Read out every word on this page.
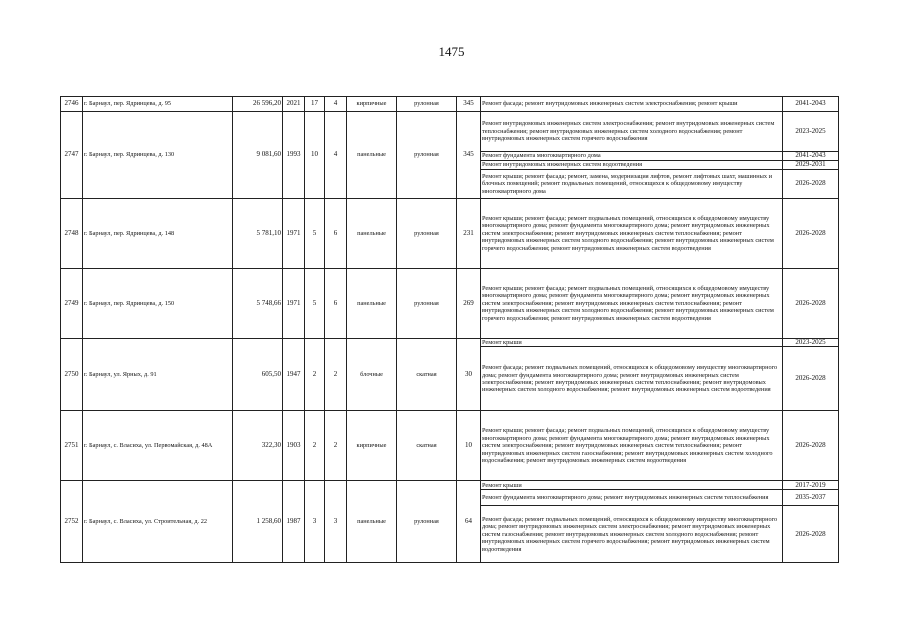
1475
2746	г. Барнаул, пер. Ядринцева, д. 95	26 596,20	2021	17	4	кирпичные	рулонная	345	Ремонт фасада; ремонт внутридомовых инженерных систем электроснабжения; ремонт крыши	2041-2043
2747	г. Барнаул, пер. Ядринцева, д. 130	9 081,60	1993	10	4	панельные	рулонная	345	Ремонт внутридомовых инженерных систем электроснабжения; ремонт внутридомовых инженерных систем теплоснабжения; ремонт внутридомовых инженерных систем холодного водоснабжения; ремонт внутридомовых инженерных систем горячего водоснабжения	2023-2025
									Ремонт фундамента многоквартирного дома	2041-2043
									Ремонт внутридомовых инженерных систем водоотведения	2029-2031
									Ремонт крыши; ремонт фасада; ремонт, замена, модернизация лифтов, ремонт лифтовых шахт, машинных и блочных помещений; ремонт подвальных помещений, относящихся к общедомовому имуществу многоквартирного дома	2026-2028
2748	г. Барнаул, пер. Ядринцева, д. 148	5 781,10	1971	5	6	панельные	рулонная	231	Ремонт крыши; ремонт фасада; ремонт подвальных помещений, относящихся к общедомовому имуществу многоквартирного дома; ремонт фундамента многоквартирного дома; ремонт внутридомовых инженерных систем электроснабжения; ремонт внутридомовых инженерных систем теплоснабжения; ремонт внутридомовых инженерных систем холодного водоснабжения; ремонт внутридомовых инженерных систем горячего водоснабжения; ремонт внутридомовых инженерных систем водоотведения	2026-2028
2749	г. Барнаул, пер. Ядринцева, д. 150	5 748,66	1971	5	6	панельные	рулонная	269	Ремонт крыши; ремонт фасада; ремонт подвальных помещений, относящихся к общедомовому имуществу многоквартирного дома; ремонт фундамента многоквартирного дома; ремонт внутридомовых инженерных систем электроснабжения; ремонт внутридомовых инженерных систем теплоснабжения; ремонт внутридомовых инженерных систем холодного водоснабжения; ремонт внутридомовых инженерных систем горячего водоснабжения; ремонт внутридомовых инженерных систем водоотведения	2026-2028
2750	г. Барнаул, ул. Ярных, д. 91	605,50	1947	2	2	блочные	скатная	30	Ремонт крыши	2023-2025
									Ремонт фасада; ремонт подвальных помещений, относящихся к общедомовому имуществу многоквартирного дома; ремонт фундамента многоквартирного дома; ремонт внутридомовых инженерных систем электроснабжения; ремонт внутридомовых инженерных систем теплоснабжения; ремонт внутридомовых инженерных систем холодного водоснабжения; ремонт внутридомовых инженерных систем водоотведения	2026-2028
2751	г. Барнаул, с. Власиха, ул. Первомайская, д. 48А	322,30	1903	2	2	кирпичные	скатная	10	Ремонт крыши; ремонт фасада; ремонт подвальных помещений, относящихся к общедомовому имуществу многоквартирного дома; ремонт фундамента многоквартирного дома; ремонт внутридомовых инженерных систем электроснабжения; ремонт внутридомовых инженерных систем теплоснабжения; ремонт внутридомовых инженерных систем газоснабжения; ремонт внутридомовых инженерных систем холодного водоснабжения; ремонт внутридомовых инженерных систем водоотведения	2026-2028
2752	г. Барнаул, с. Власиха, ул. Строительная, д. 22	1 258,60	1987	3	3	панельные	рулонная	64	Ремонт крыши	2017-2019
									Ремонт фундамента многоквартирного дома; ремонт внутридомовых инженерных систем теплоснабжения	2035-2037
									Ремонт фасада; ремонт подвальных помещений, относящихся к общедомовому имуществу многоквартирного дома; ремонт внутридомовых инженерных систем электроснабжения; ремонт внутридомовых инженерных систем газоснабжения; ремонт внутридомовых инженерных систем холодного водоснабжения; ремонт внутридомовых инженерных систем горячего водоснабжения; ремонт внутридомовых инженерных систем водоотведения	2026-2028
